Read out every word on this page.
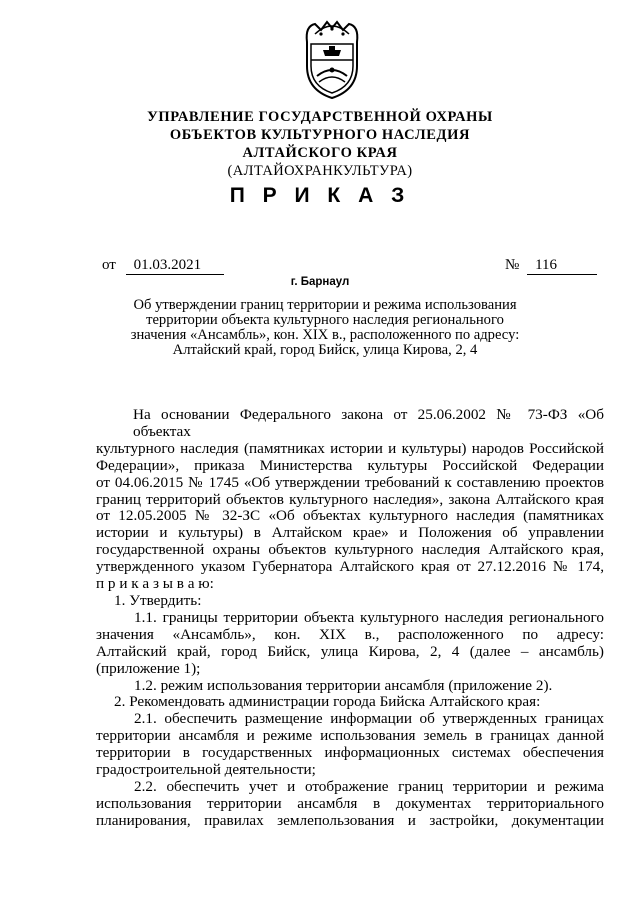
УПРАВЛЕНИЕ ГОСУДАРСТВЕННОЙ ОХРАНЫ
ОБЪЕКТОВ КУЛЬТУРНОГО НАСЛЕДИЯ
АЛТАЙСКОГО КРАЯ
(АЛТАЙОХРАНКУЛЬТУРА)
П Р И К А З
от 01.03.2021	№ 116
г. Барнаул
Об утверждении границ территории и режима использования территории объекта культурного наследия регионального значения «Ансамбль», кон. XIX в., расположенного по адресу: Алтайский край, город Бийск, улица Кирова, 2, 4

На основании Федерального закона от 25.06.2002 № 73-ФЗ «Об объектах

культурного наследия (памятниках истории и культуры) народов Российской

Федерации», приказа Министерства культуры Российской Федерации

от 04.06.2015 № 1745 «Об утверждении требований к составлению проектов

границ территорий объектов культурного наследия», закона Алтайского края

от 12.05.2005 № 32-ЗС «Об объектах культурного наследия (памятниках

истории и культуры) в Алтайском крае» и Положения об управлении

государственной охраны объектов культурного наследия Алтайского края,

утвержденного указом Губернатора Алтайского края от 27.12.2016 № 174,

п р и к а з ы в а ю:

1. Утвердить:

1.1. границы территории объекта культурного наследия регионального

значения «Ансамбль», кон. XIX в., расположенного по адресу:

Алтайский край, город Бийск, улица Кирова, 2, 4 (далее – ансамбль)

(приложение 1);

1.2. режим использования территории ансамбля (приложение 2).

2. Рекомендовать администрации города Бийска Алтайского края:

2.1. обеспечить размещение информации об утвержденных границах

территории ансамбля и режиме использования земель в границах данной

территории в государственных информационных системах обеспечения

градостроительной деятельности;

2.2. обеспечить учет и отображение границ территории и режима

использования территории ансамбля в документах территориального

планирования, правилах землепользования и застройки, документации
